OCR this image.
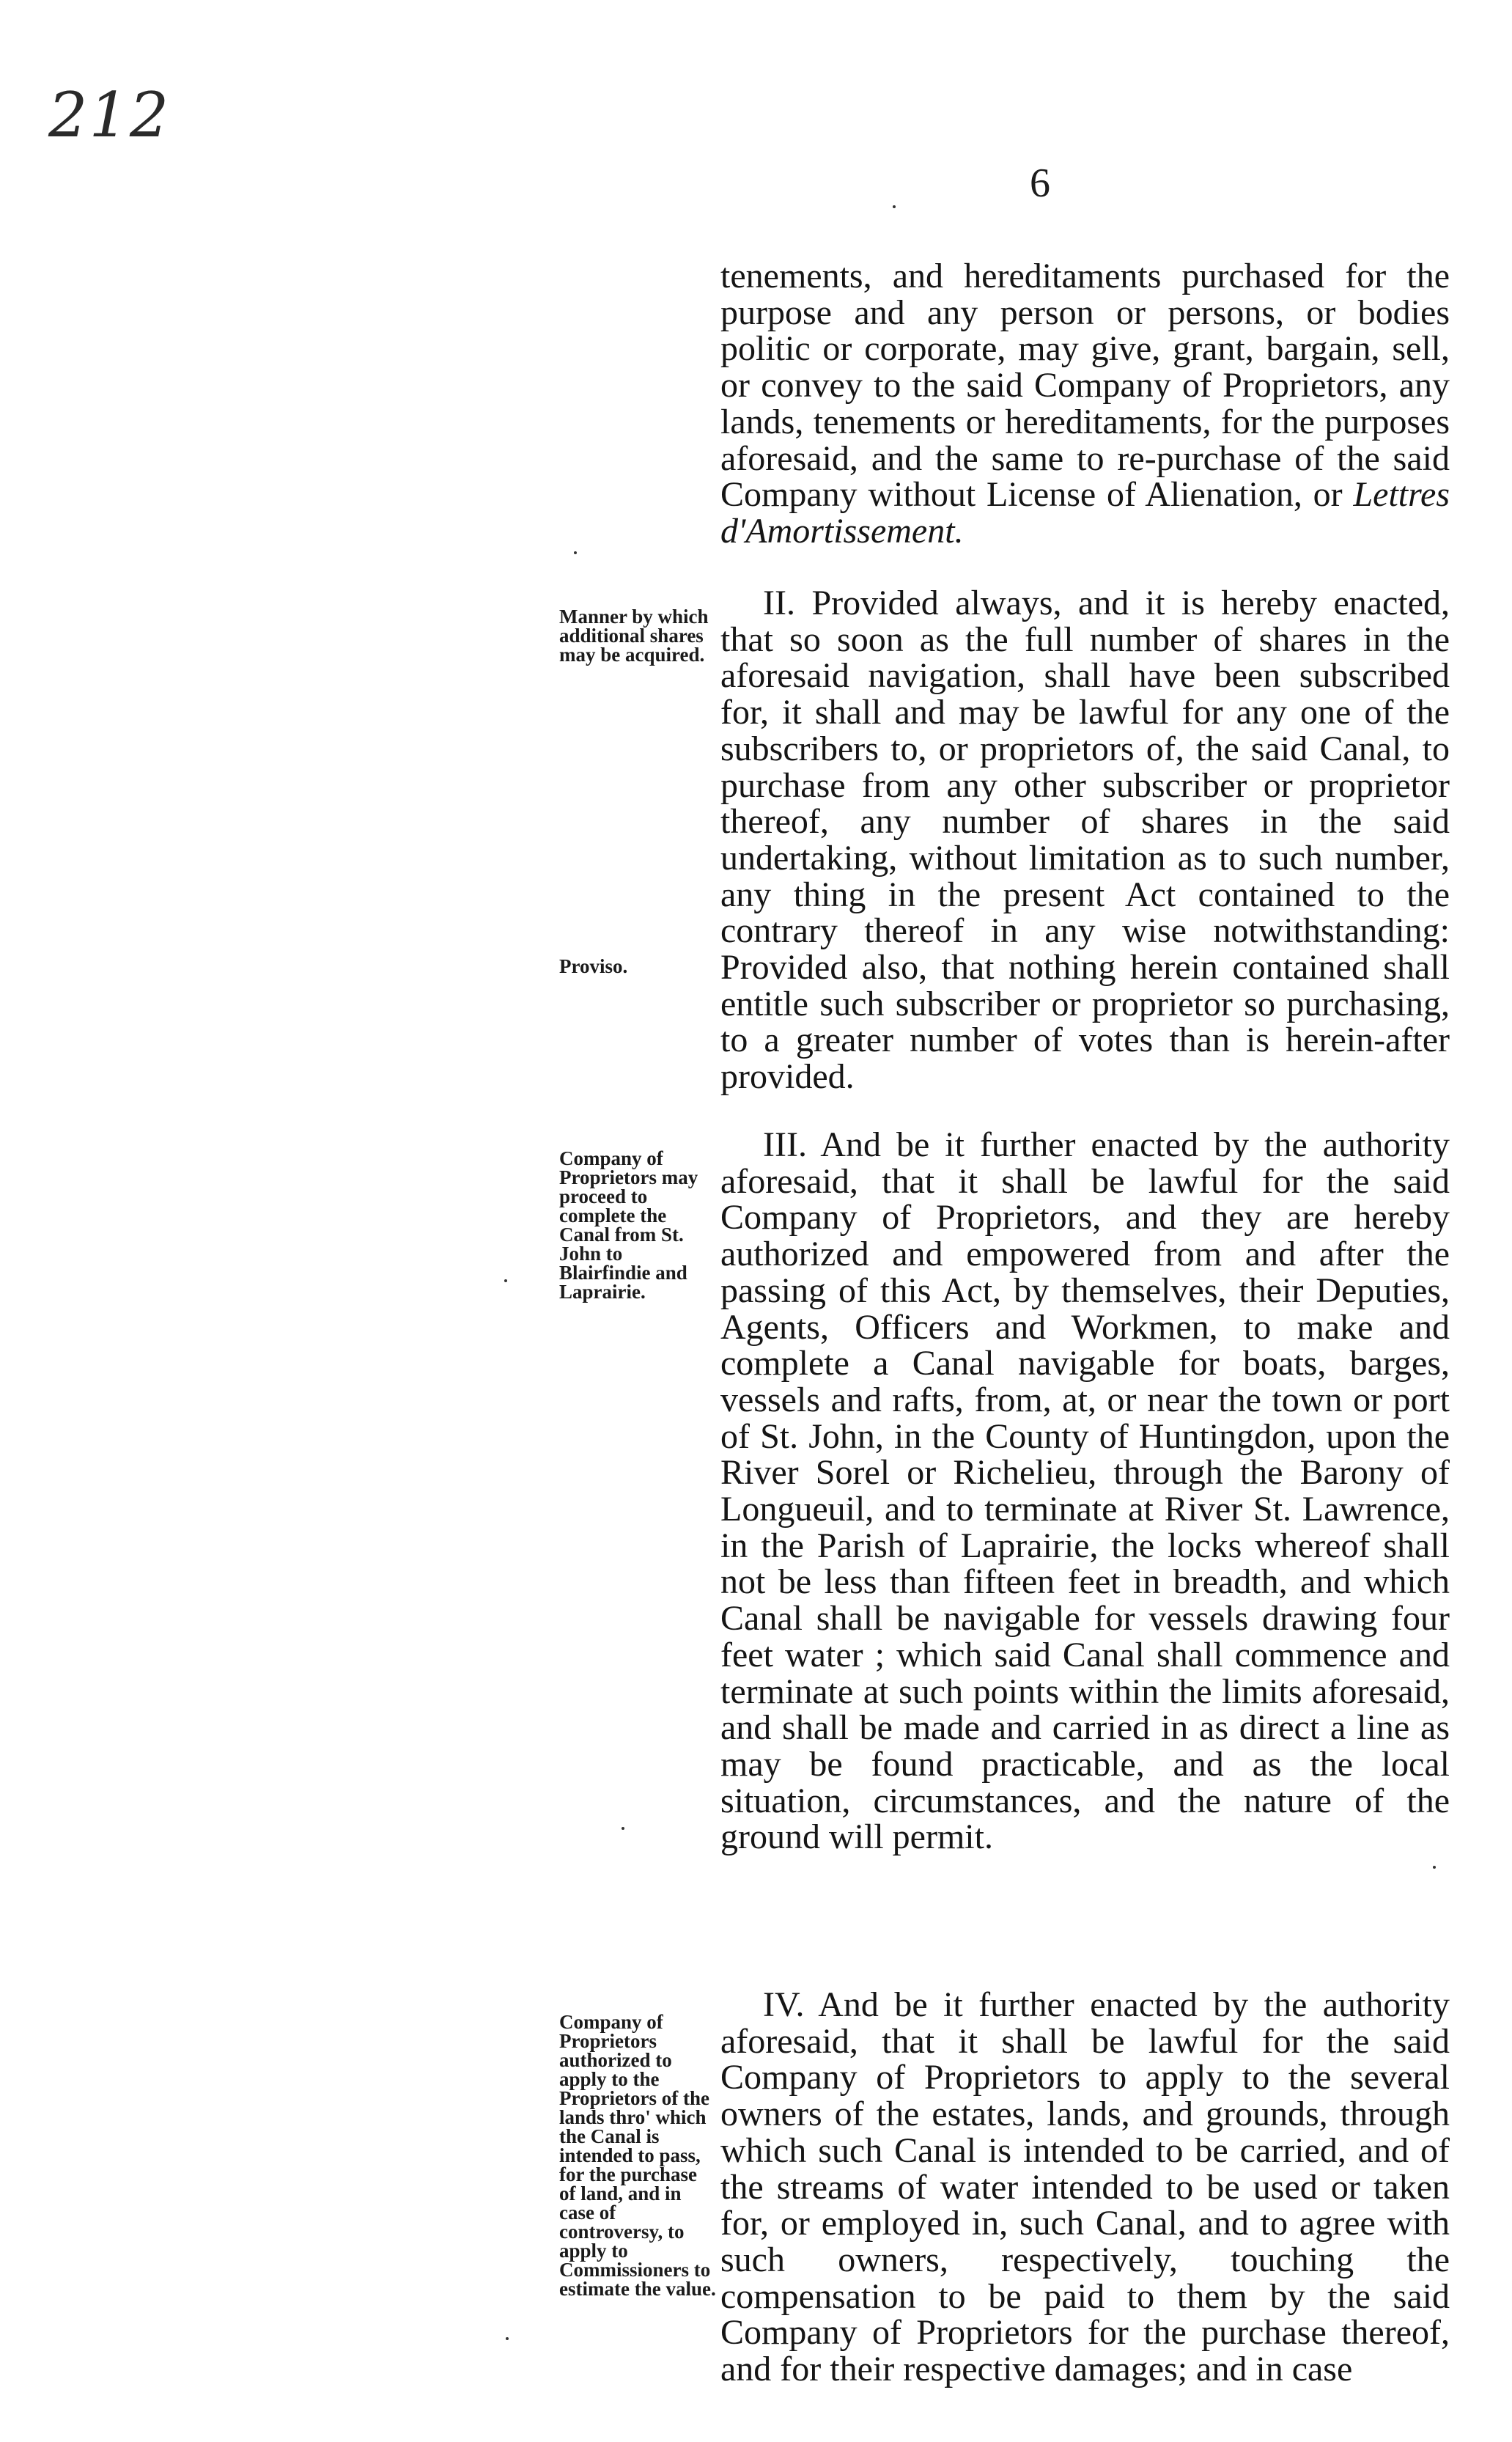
212
6

tenements, and hereditaments purchased for the purpose and any person or persons, or bodies politic or corporate, may give, grant, bargain, sell, or convey to the said Company of Proprietors, any lands, tenements or hereditaments, for the purposes aforesaid, and the same to re-purchase of the said Company without License of Alienation, or Lettres d'Amortissement.

Manner by which additional shares may be acquired.
Proviso.

II. Provided always, and it is hereby enacted, that so soon as the full number of shares in the aforesaid navigation, shall have been subscribed for, it shall and may be lawful for any one of the subscribers to, or proprietors of, the said Canal, to purchase from any other subscriber or proprietor thereof, any number of shares in the said undertaking, without limitation as to such number, any thing in the present Act contained to the contrary thereof in any wise notwithstanding: Provided also, that nothing herein contained shall entitle such subscriber or proprietor so purchasing, to a greater number of votes than is herein-after provided.

Company of Proprietors may proceed to complete the Canal from St. John to Blairfindie and Laprairie.

III. And be it further enacted by the authority aforesaid, that it shall be lawful for the said Company of Proprietors, and they are hereby authorized and empowered from and after the passing of this Act, by themselves, their Deputies, Agents, Officers and Workmen, to make and complete a Canal navigable for boats, barges, vessels and rafts, from, at, or near the town or port of St. John, in the County of Huntingdon, upon the River Sorel or Richelieu, through the Barony of Longueuil, and to terminate at River St. Lawrence, in the Parish of Laprairie, the locks whereof shall not be less than fifteen feet in breadth, and which Canal shall be navigable for vessels drawing four feet water ; which said Canal shall commence and terminate at such points within the limits aforesaid, and shall be made and carried in as direct a line as may be found practicable, and as the local situation, circumstances, and the nature of the ground will permit.

Company of Proprietors authorized to apply to the Proprietors of the lands thro' which the Canal is intended to pass, for the purchase of land, and in case of controversy, to apply to Commissioners to estimate the value.

IV. And be it further enacted by the authority aforesaid, that it shall be lawful for the said Company of Proprietors to apply to the several owners of the estates, lands, and grounds, through which such Canal is intended to be carried, and of the streams of water intended to be used or taken for, or employed in, such Canal, and to agree with such owners, respectively, touching the compensation to be paid to them by the said Company of Proprietors for the purchase thereof, and for their respective damages; and in case
